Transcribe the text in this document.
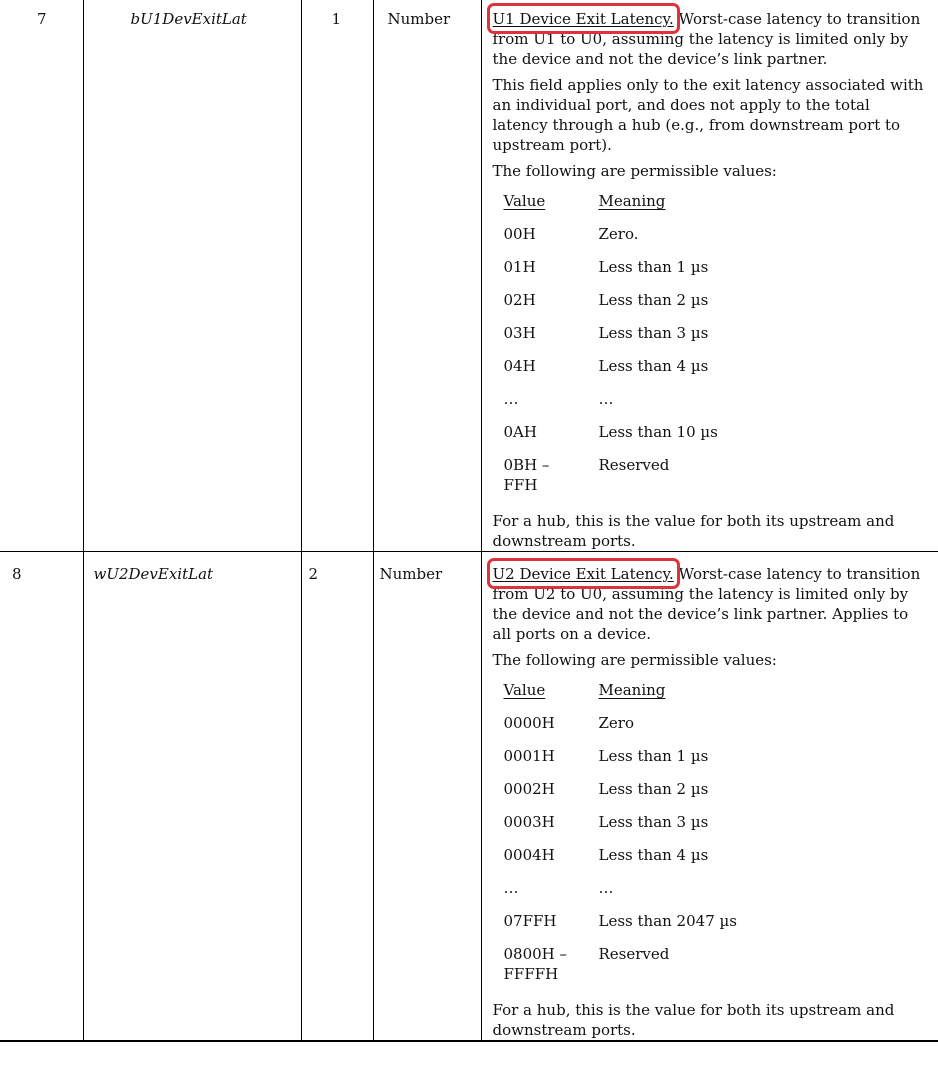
7	bU1DevExitLat	1	Number	U1 Device Exit Latency.
Worst-case latency to transition from U1 to U0, assuming the latency is limited only by the device and not the device’s link partner.

This field applies only to the exit latency associated with an individual port, and does not apply to the total latency through a hub (e.g., from downstream port to upstream port).

The following are permissible values:

Value	Meaning
00H	Zero.
01H	Less than 1 µs
02H	Less than 2 µs
03H	Less than 3 µs
04H	Less than 4 µs
…	…
0AH	Less than 10 µs
0BH –
FFH	Reserved

For a hub, this is the value for both its upstream and downstream ports.

8	wU2DevExitLat	2	Number	U2 Device Exit Latency.
Worst-case latency to transition from U2 to U0, assuming the latency is limited only by the device and not the device’s link partner. Applies to all ports on a device.

The following are permissible values:

Value	Meaning
0000H	Zero
0001H	Less than 1 µs
0002H	Less than 2 µs
0003H	Less than 3 µs
0004H	Less than 4 µs
…	…
07FFH	Less than 2047 µs
0800H –
FFFFH	Reserved

For a hub, this is the value for both its upstream and downstream ports.
